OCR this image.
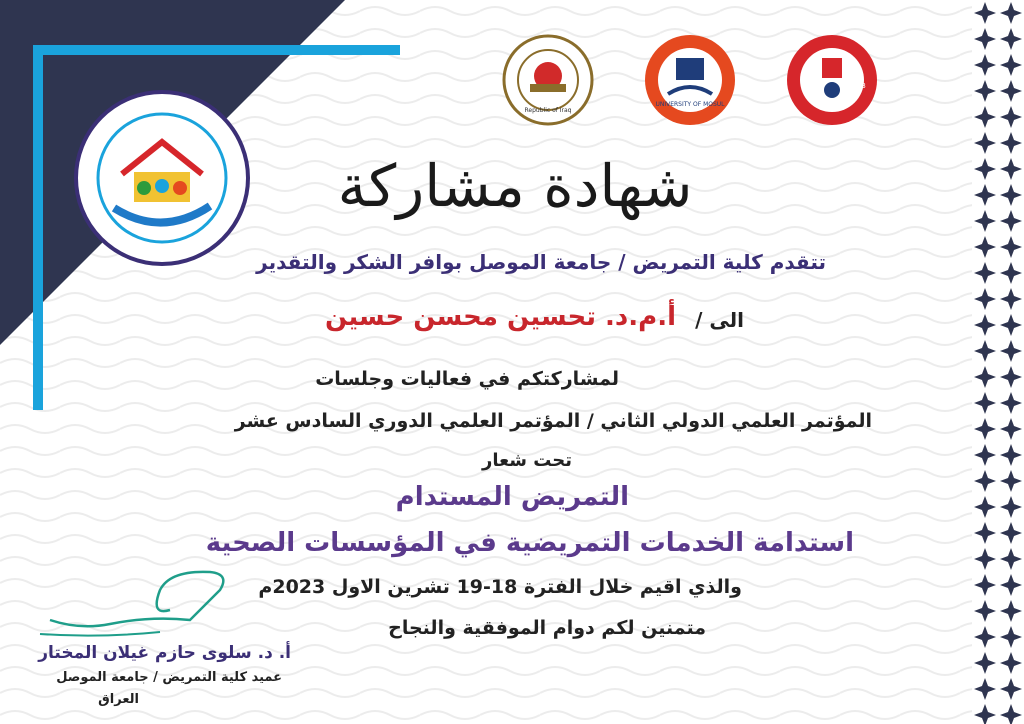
Republic of Iraq
UNIVERSITY OF MOSUL
1412	1993
شهادة مشاركة
تتقدم كلية التمريض / جامعة الموصل بوافر الشكر والتقدير
الى /
أ.م.د. تحسين محسن حسين
لمشاركتكم في فعاليات وجلسات
المؤتمر العلمي الدولي الثاني / المؤتمر العلمي الدوري السادس عشر
تحت شعار
التمريض المستدام
استدامة الخدمات التمريضية في المؤسسات الصحية
والذي اقيم خلال الفترة 18-19 تشرين الاول 2023م
متمنين لكم دوام الموفقية والنجاح
أ. د. سلوى حازم غيلان المختار
عميد كلية التمريض / جامعة الموصل
العراق
